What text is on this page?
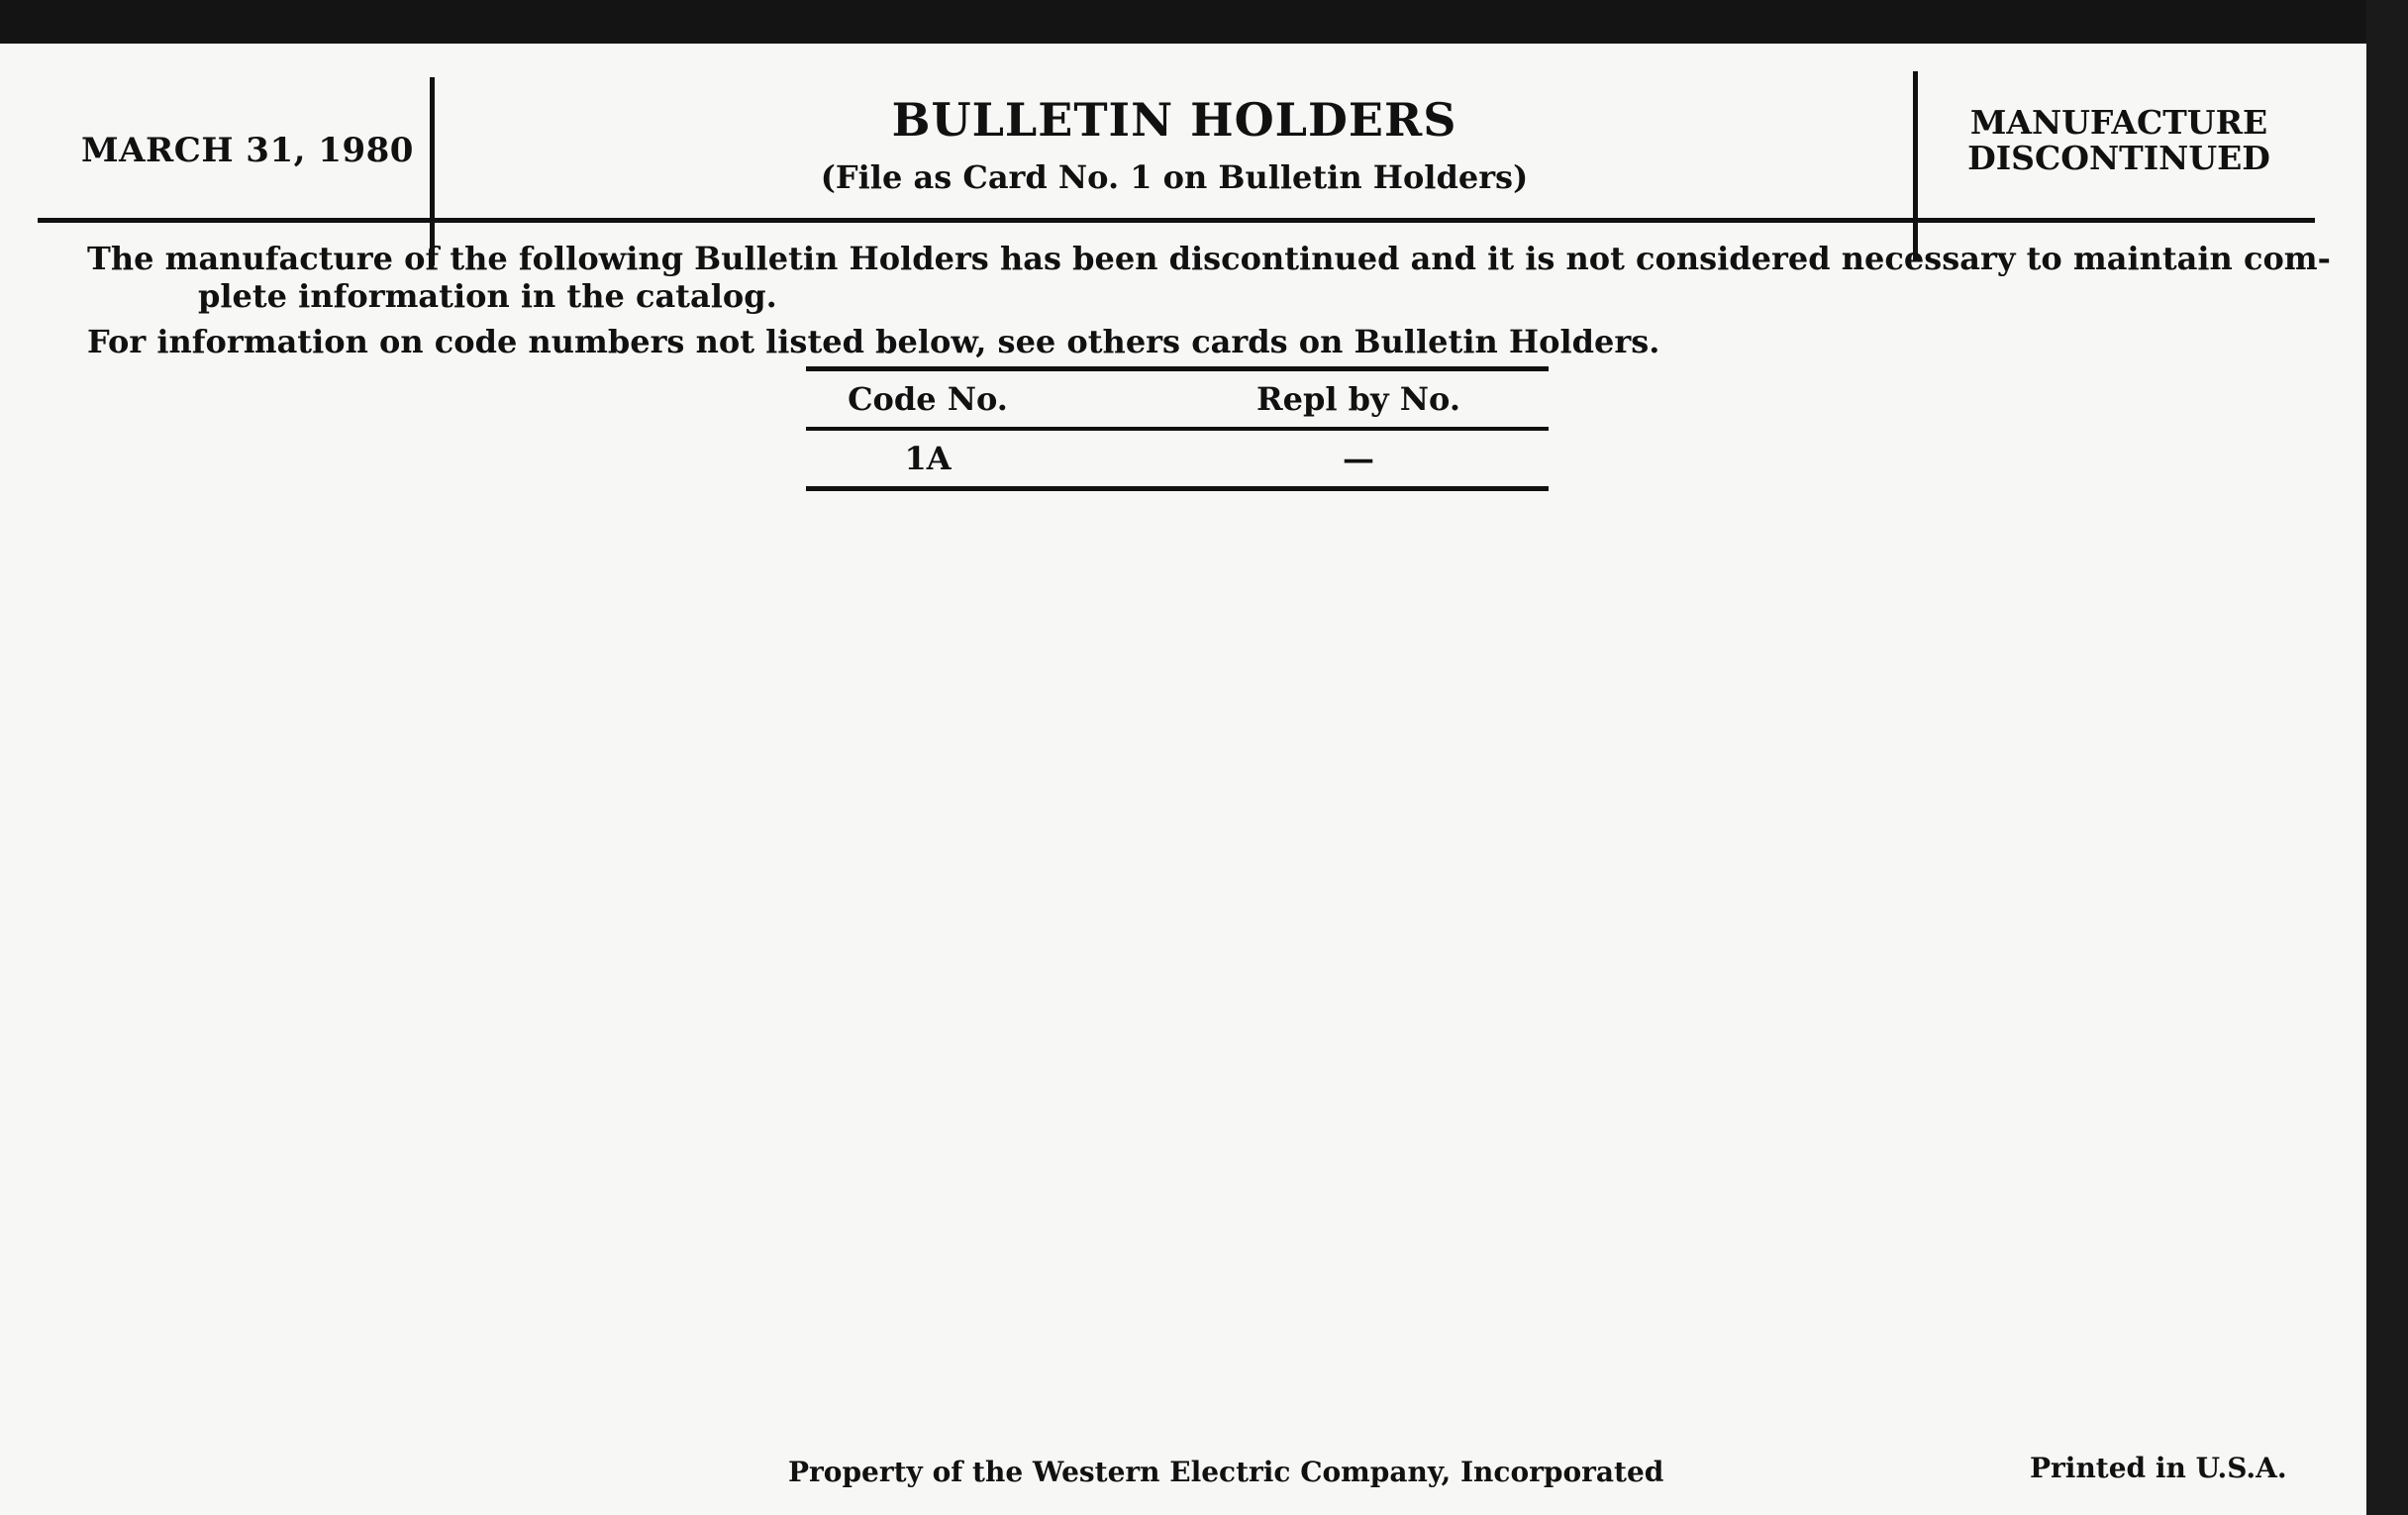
MARCH 31, 1980
BULLETIN HOLDERS
(File as Card No. 1 on Bulletin Holders)
MANUFACTURE
DISCONTINUED
The manufacture of the following Bulletin Holders has been discontinued and it is not considered necessary to maintain com-
plete information in the catalog.
For information on code numbers not listed below, see others cards on Bulletin Holders.
Code No.	Repl by No.
1A	—
Property of the Western Electric Company, Incorporated	Printed in U.S.A.
